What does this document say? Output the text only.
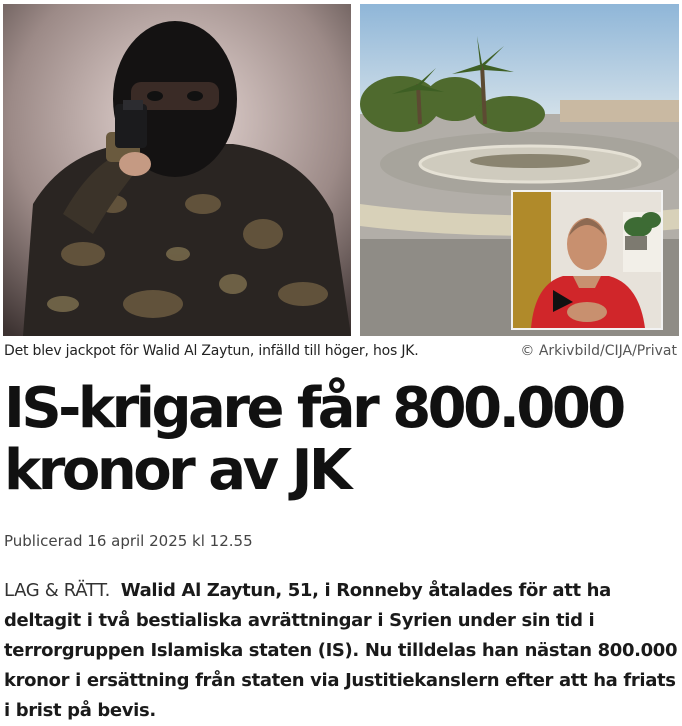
Det blev jackpot för Walid Al Zaytun, infälld till höger, hos JK.	© Arkivbild/CIJA/Privat
IS-krigare får 800.000 kronor av JK
Publicerad 16 april 2025 kl 12.55

LAG & RÄTT. Walid Al Zaytun, 51, i Ronneby åtalades för att ha deltagit i två bestialiska avrättningar i Syrien under sin tid i terrorgruppen Islamiska staten (IS). Nu tilldelas han nästan 800.000 kronor i ersättning från staten via Justitiekanslern efter att ha friats i brist på bevis.
